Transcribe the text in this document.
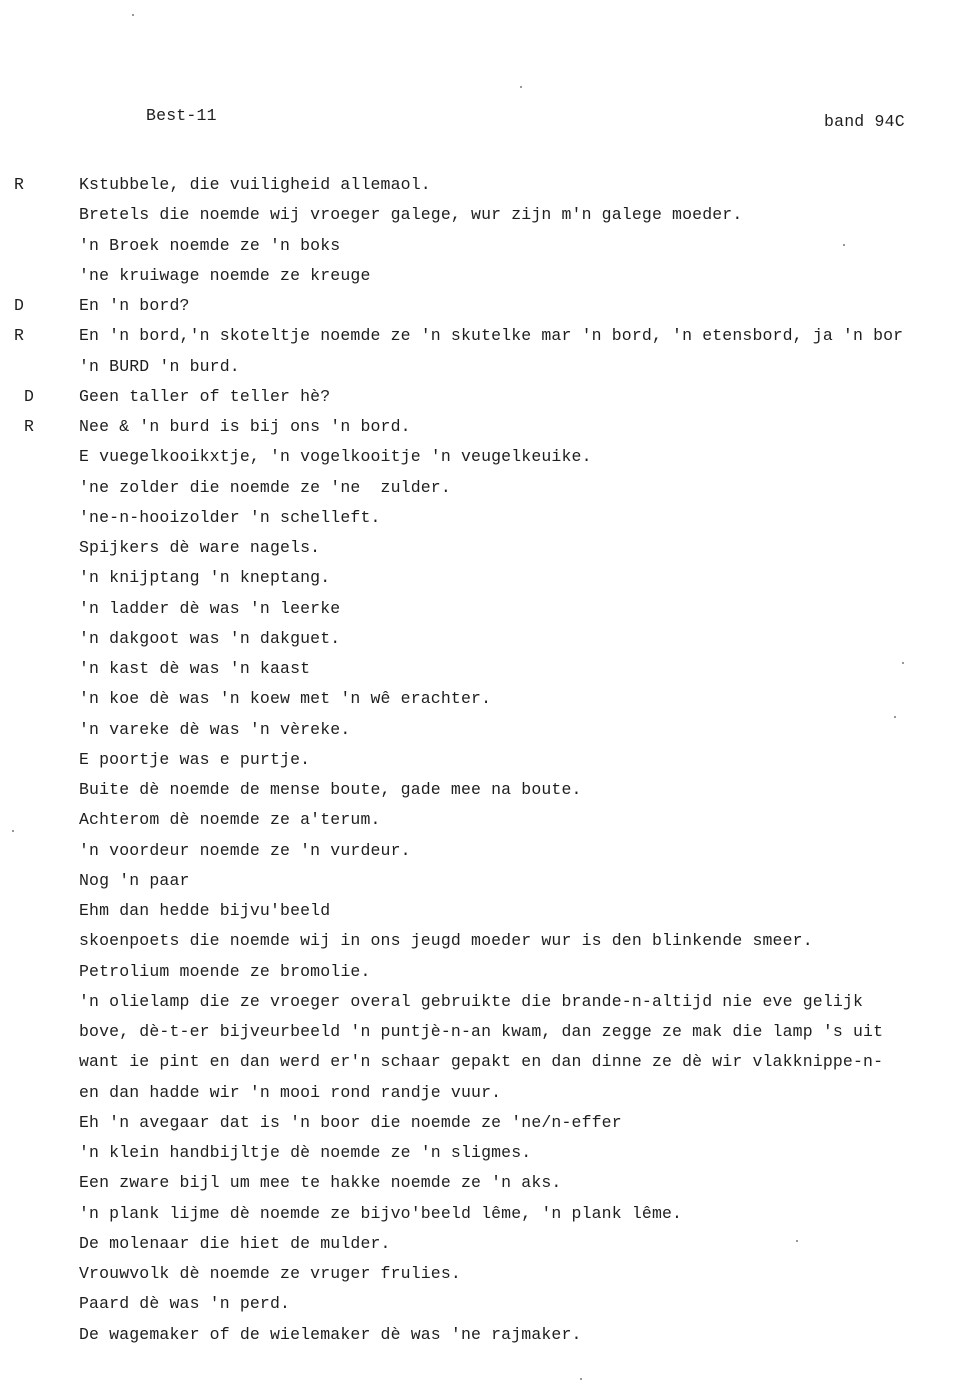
Best-11	band 94C
R	Kstubbele, die vuiligheid allemaol.
Bretels die noemde wij vroeger galege, wur zijn m'n galege moeder.
'n Broek noemde ze 'n boks
'ne kruiwage noemde ze kreuge
D	En 'n bord?
R	En 'n bord,'n skoteltje noemde ze 'n skutelke mar 'n bord, 'n etensbord, ja 'n bor
'n BURD 'n burd.
D	Geen taller of teller hè?
R	Nee & 'n burd is bij ons 'n bord.
E vuegelkooikxtje, 'n vogelkooitje 'n veugelkeuike.
'ne zolder die noemde ze 'ne  zulder.
'ne-n-hooizolder 'n schelleft.
Spijkers dè ware nagels.
'n knijptang 'n kneptang.
'n ladder dè was 'n leerke
'n dakgoot was 'n dakguet.
'n kast dè was 'n kaast
'n koe dè was 'n koew met 'n wê erachter.
'n vareke dè was 'n vèreke.
E poortje was e purtje.
Buite dè noemde de mense boute, gade mee na boute.
Achterom dè noemde ze a'terum.
'n voordeur noemde ze 'n vurdeur.
Nog 'n paar
Ehm dan hedde bijvu'beeld
skoenpoets die noemde wij in ons jeugd moeder wur is den blinkende smeer.
Petrolium moende ze bromolie.
'n olielamp die ze vroeger overal gebruikte die brande-n-altijd nie eve gelijk
bove, dè-t-er bijveurbeeld 'n puntjè-n-an kwam, dan zegge ze mak die lamp 's uit
want ie pint en dan werd er'n schaar gepakt en dan dinne ze dè wir vlakknippe-n-
en dan hadde wir 'n mooi rond randje vuur.
Eh 'n avegaar dat is 'n boor die noemde ze 'ne/n-effer
'n klein handbijltje dè noemde ze 'n sligmes.
Een zware bijl um mee te hakke noemde ze 'n aks.
'n plank lijme dè noemde ze bijvo'beeld lême, 'n plank lême.
De molenaar die hiet de mulder.
Vrouwvolk dè noemde ze vruger frulies.
Paard dè was 'n perd.
De wagemaker of de wielemaker dè was 'ne rajmaker.
